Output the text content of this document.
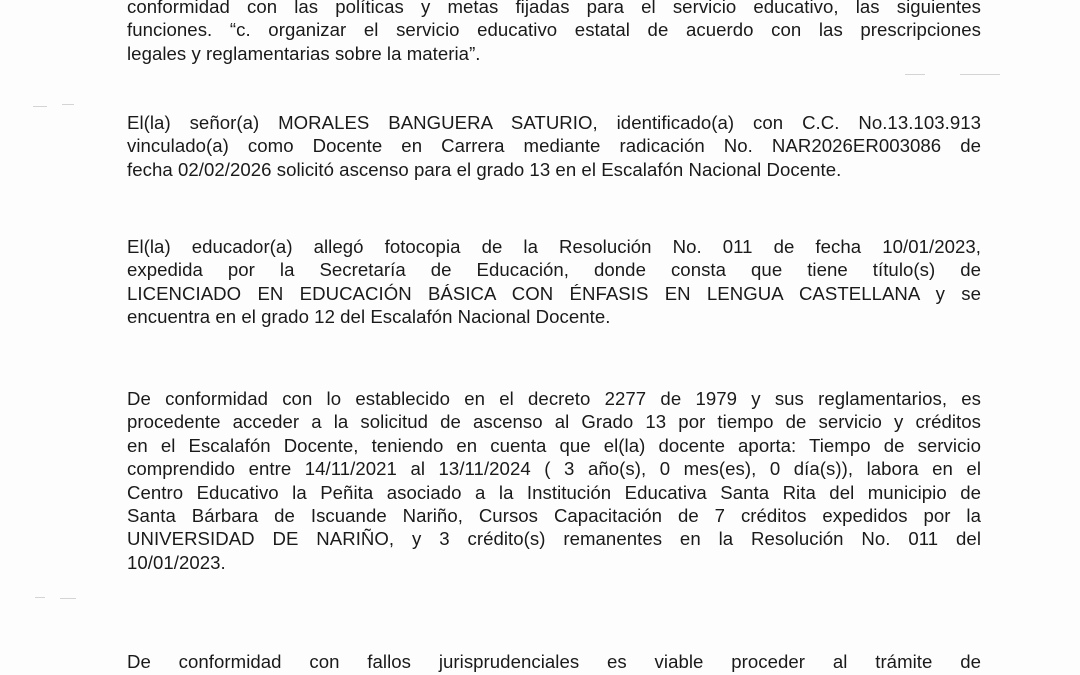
conformidad con las políticas y metas fijadas para el servicio educativo, las siguientes
funciones. “c. organizar el servicio educativo estatal de acuerdo con las prescripciones
legales y reglamentarias sobre la materia”.
El(la) señor(a) MORALES BANGUERA SATURIO, identificado(a) con C.C. No.13.103.913
vinculado(a) como Docente en Carrera mediante radicación No. NAR2026ER003086 de
fecha 02/02/2026 solicitó ascenso para el grado 13 en el Escalafón Nacional Docente.
El(la) educador(a) allegó fotocopia de la Resolución No. 011 de fecha 10/01/2023,
expedida por la Secretaría de Educación, donde consta que tiene título(s) de
LICENCIADO EN EDUCACIÓN BÁSICA CON ÉNFASIS EN LENGUA CASTELLANA y se
encuentra en el grado 12 del Escalafón Nacional Docente.
De conformidad con lo establecido en el decreto 2277 de 1979 y sus reglamentarios, es
procedente acceder a la solicitud de ascenso al Grado 13 por tiempo de servicio y créditos
en el Escalafón Docente, teniendo en cuenta que el(la) docente aporta: Tiempo de servicio
comprendido entre 14/11/2021 al 13/11/2024 ( 3 año(s), 0 mes(es), 0 día(s)), labora en el
Centro Educativo la Peñita asociado a la Institución Educativa Santa Rita del municipio de
Santa Bárbara de Iscuande Nariño, Cursos Capacitación de 7 créditos expedidos por la
UNIVERSIDAD DE NARIÑO, y 3 crédito(s) remanentes en la Resolución No. 011 del
10/01/2023.
De conformidad con fallos jurisprudenciales es viable proceder al trámite de
